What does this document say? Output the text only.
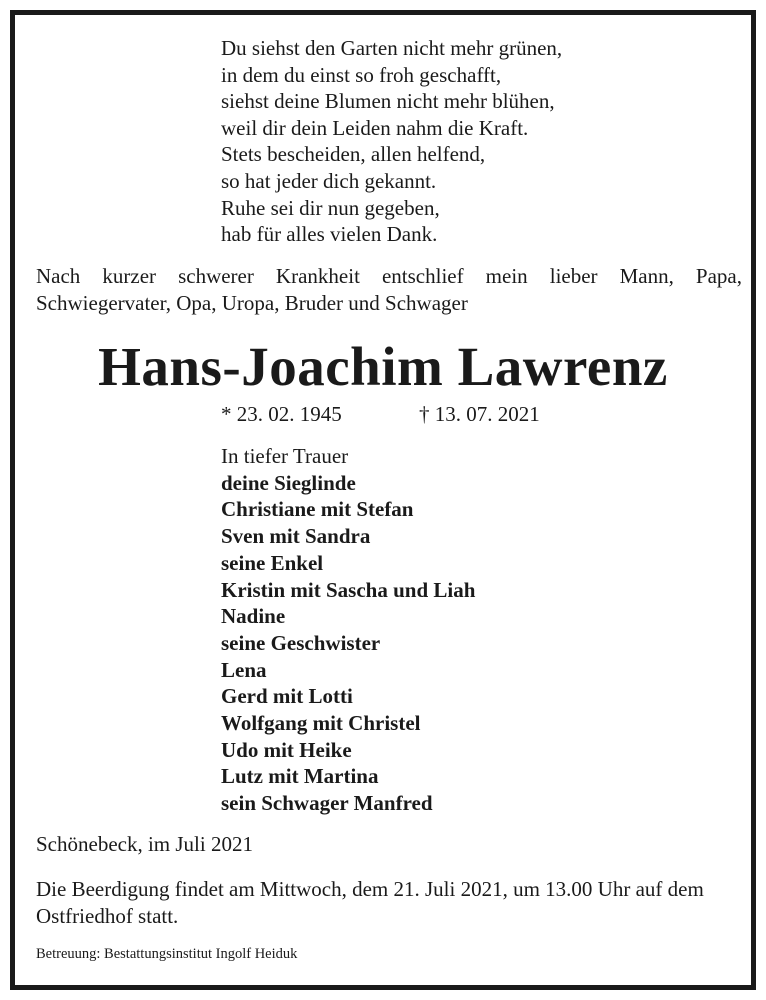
Du siehst den Garten nicht mehr grünen,
in dem du einst so froh geschafft,
siehst deine Blumen nicht mehr blühen,
weil dir dein Leiden nahm die Kraft.
Stets bescheiden, allen helfend,
so hat jeder dich gekannt.
Ruhe sei dir nun gegeben,
hab für alles vielen Dank.
Nach kurzer schwerer Krankheit entschlief mein lieber Mann, Papa,
Schwiegervater, Opa, Uropa, Bruder und Schwager
Hans-Joachim Lawrenz
* 23. 02. 1945	† 13. 07. 2021
In tiefer Trauer
deine Sieglinde
Christiane mit Stefan
Sven mit Sandra
seine Enkel
Kristin mit Sascha und Liah
Nadine
seine Geschwister
Lena
Gerd mit Lotti
Wolfgang mit Christel
Udo mit Heike
Lutz mit Martina
sein Schwager Manfred
Schönebeck, im Juli 2021
Die Beerdigung findet am Mittwoch, dem 21. Juli 2021, um 13.00 Uhr auf dem Ostfriedhof statt.
Betreuung: Bestattungsinstitut Ingolf Heiduk
